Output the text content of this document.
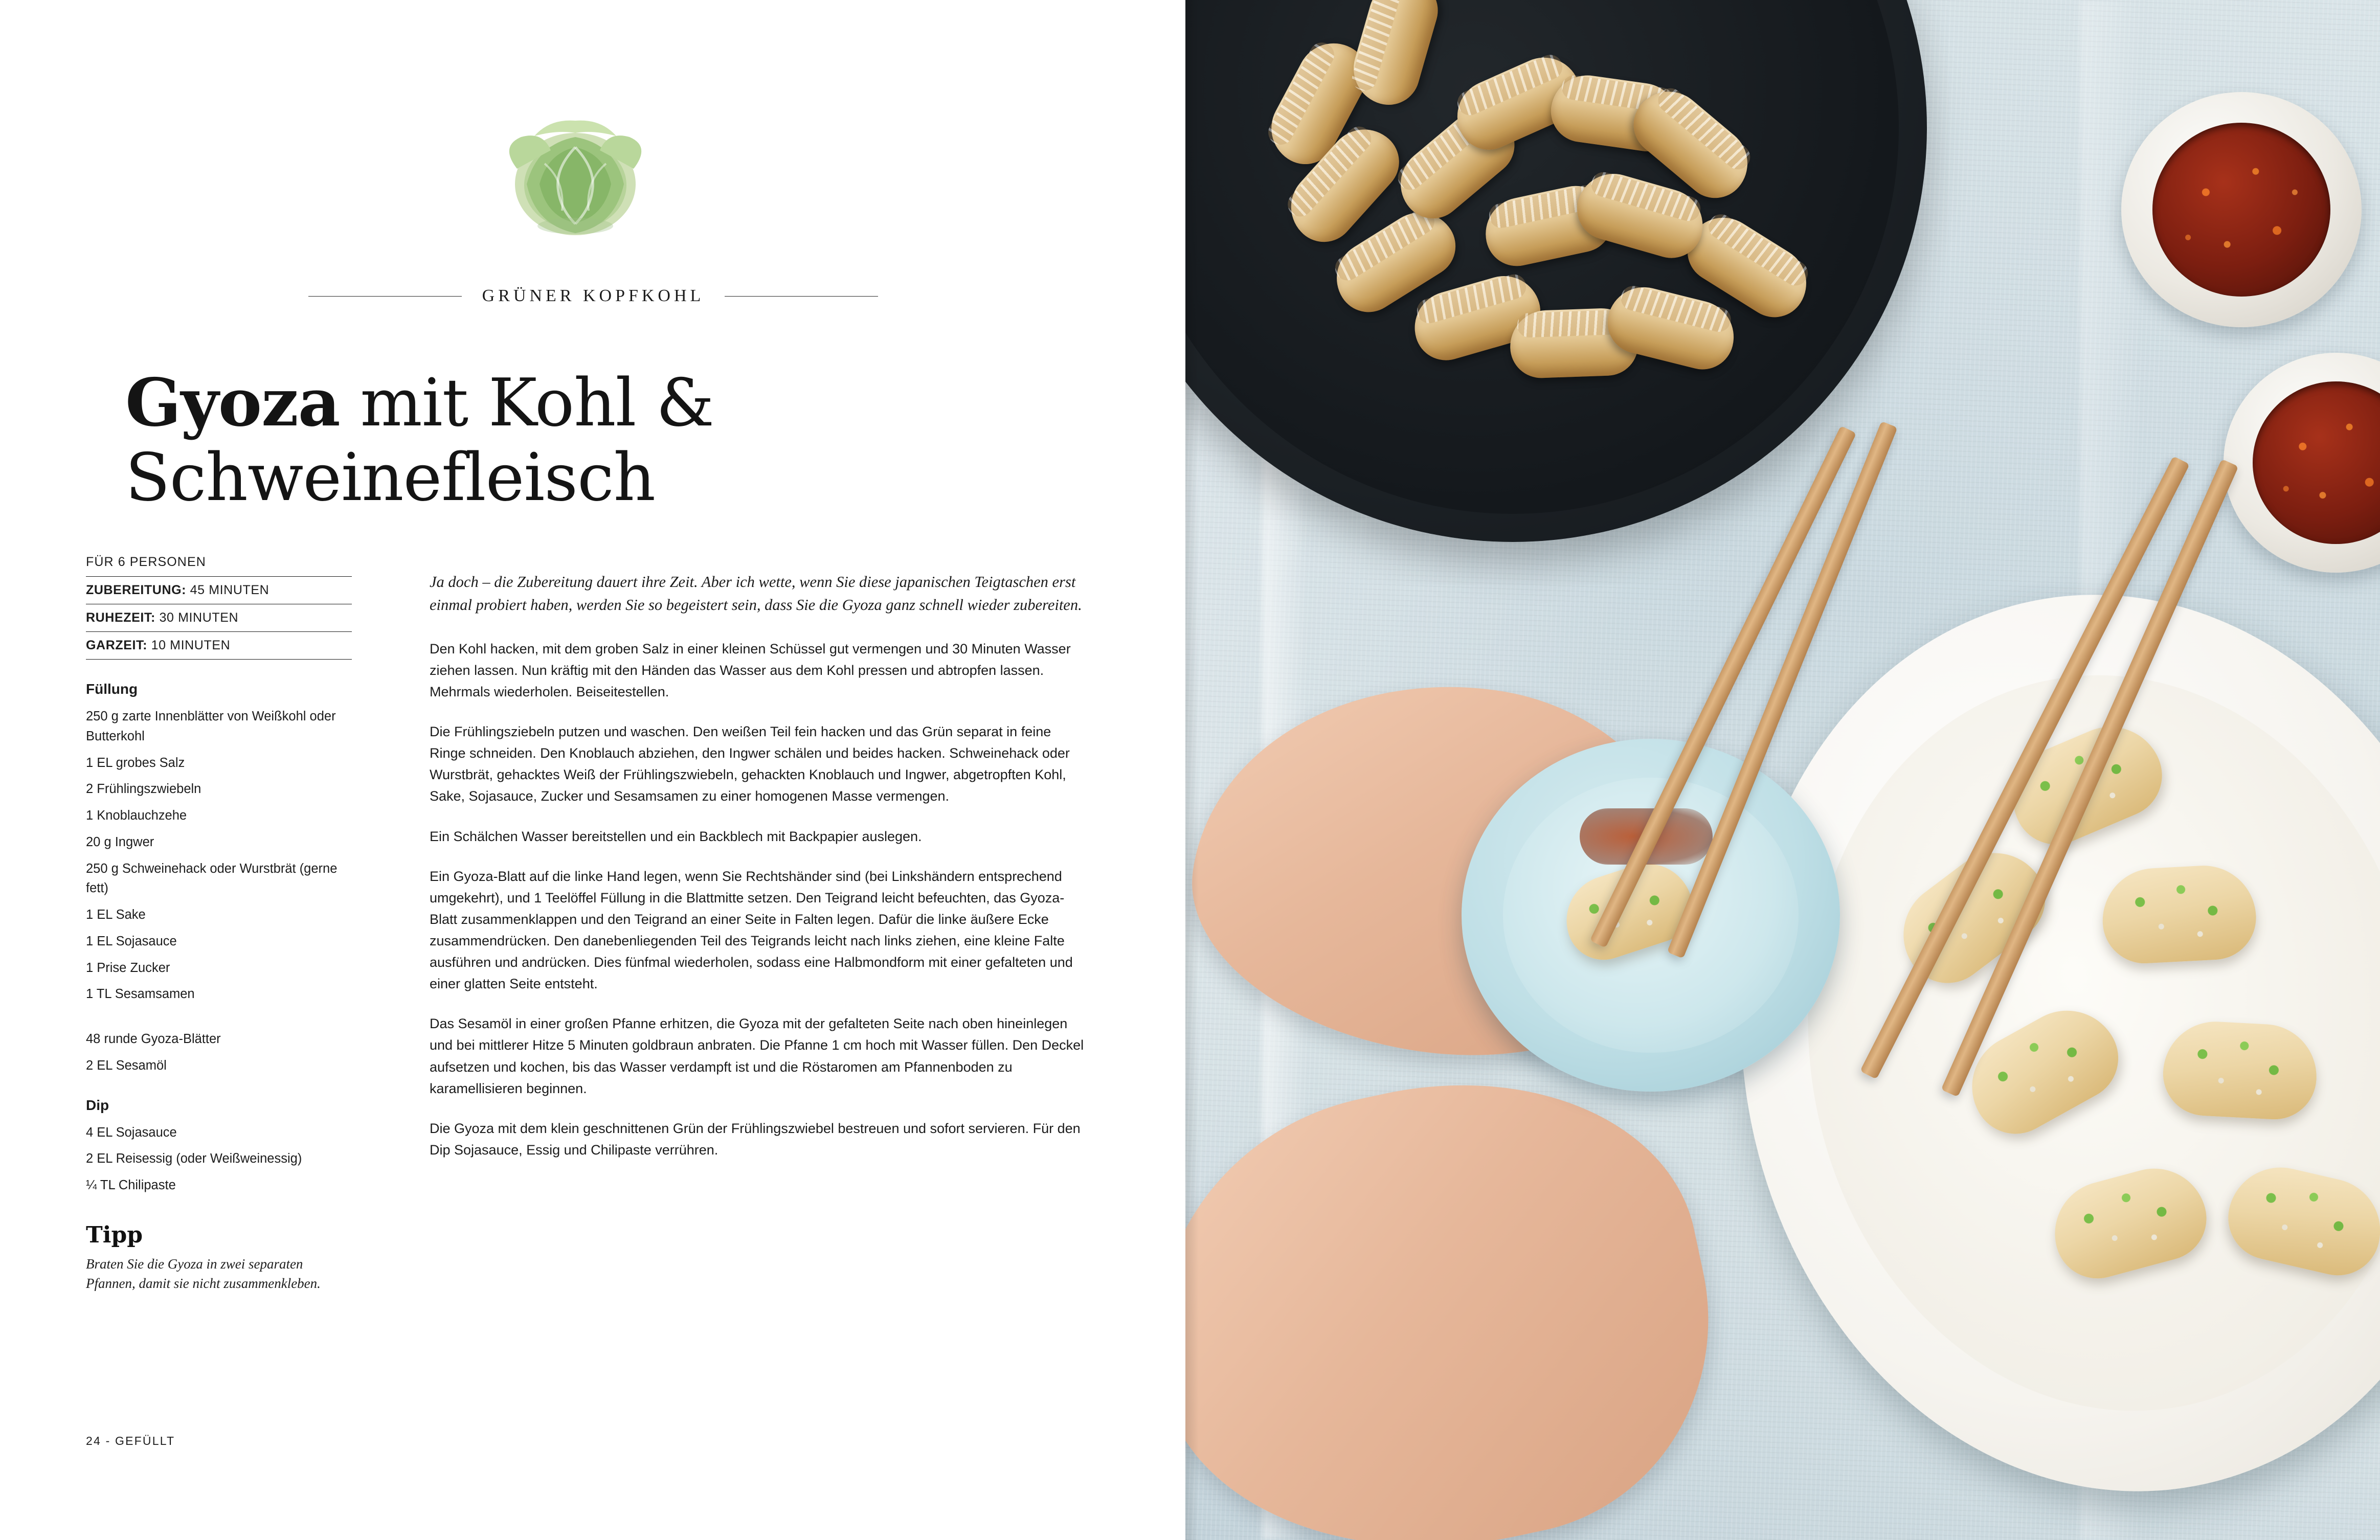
GRÜNER KOPFKOHL
Gyoza mit Kohl &
Schweinefleisch
FÜR 6 PERSONEN
ZUBEREITUNG: 45 MINUTEN
RUHEZEIT: 30 MINUTEN
GARZEIT: 10 MINUTEN
Füllung
250 g zarte Innenblätter von Weißkohl oder Butterkohl
1 EL grobes Salz
2 Frühlingszwiebeln
1 Knoblauchzehe
20 g Ingwer
250 g Schweinehack oder Wurstbrät (gerne fett)
1 EL Sake
1 EL Sojasauce
1 Prise Zucker
1 TL Sesamsamen
48 runde Gyoza-Blätter
2 EL Sesamöl
Dip
4 EL Sojasauce
2 EL Reisessig (oder Weißweinessig)
¼ TL Chilipaste
Tipp
Braten Sie die Gyoza in zwei separaten Pfannen, damit sie nicht zusammenkleben.

Ja doch – die Zubereitung dauert ihre Zeit. Aber ich wette, wenn Sie diese japanischen Teigtaschen erst einmal probiert haben, werden Sie so begeistert sein, dass Sie die Gyoza ganz schnell wieder zubereiten.

Den Kohl hacken, mit dem groben Salz in einer kleinen Schüssel gut vermengen und 30 Minuten Wasser ziehen lassen. Nun kräftig mit den Händen das Wasser aus dem Kohl pressen und abtropfen lassen. Mehrmals wiederholen. Beiseitestellen.

Die Frühlingsziebeln putzen und waschen. Den weißen Teil fein hacken und das Grün separat in feine Ringe schneiden. Den Knoblauch abziehen, den Ingwer schälen und beides hacken. Schweinehack oder Wurstbrät, gehacktes Weiß der Frühlingszwiebeln, gehackten Knoblauch und Ingwer, abgetropften Kohl, Sake, Sojasauce, Zucker und Sesamsamen zu einer homogenen Masse vermengen.

Ein Schälchen Wasser bereitstellen und ein Backblech mit Backpapier auslegen.

Ein Gyoza-Blatt auf die linke Hand legen, wenn Sie Rechtshänder sind (bei Linkshändern entsprechend umgekehrt), und 1 Teelöffel Füllung in die Blattmitte setzen. Den Teigrand leicht befeuchten, das Gyoza-Blatt zusammenklappen und den Teigrand an einer Seite in Falten legen. Dafür die linke äußere Ecke zusammendrücken. Den danebenliegenden Teil des Teigrands leicht nach links ziehen, eine kleine Falte ausführen und andrücken. Dies fünfmal wiederholen, sodass eine Halbmondform mit einer gefalteten und einer glatten Seite entsteht.

Das Sesamöl in einer großen Pfanne erhitzen, die Gyoza mit der gefalteten Seite nach oben hineinlegen und bei mittlerer Hitze 5 Minuten goldbraun anbraten. Die Pfanne 1 cm hoch mit Wasser füllen. Den Deckel aufsetzen und kochen, bis das Wasser verdampft ist und die Röstaromen am Pfannenboden zu karamellisieren beginnen.

Die Gyoza mit dem klein geschnittenen Grün der Frühlingszwiebel bestreuen und sofort servieren. Für den Dip Sojasauce, Essig und Chilipaste verrühren.

24 - GEFÜLLT
